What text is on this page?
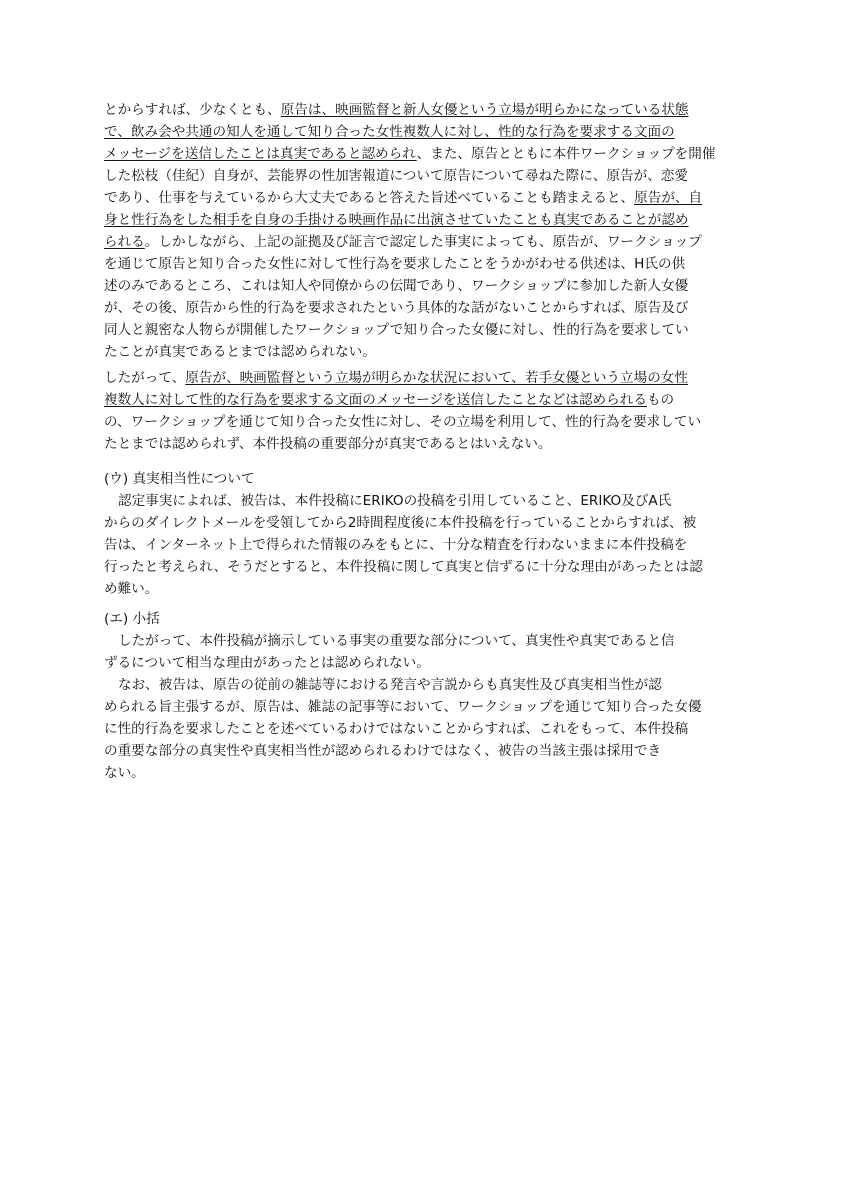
とからすれば、少なくとも、原告は、映画監督と新人女優という立場が明らかになっている状態
で、飲み会や共通の知人を通して知り合った女性複数人に対し、性的な行為を要求する文面の
メッセージを送信したことは真実であると認められ、また、原告とともに本件ワークショップを開催
した松枝（佳紀）自身が、芸能界の性加害報道について原告について尋ねた際に、原告が、恋愛
であり、仕事を与えているから大丈夫であると答えた旨述べていることも踏まえると、原告が、自
身と性行為をした相手を自身の手掛ける映画作品に出演させていたことも真実であることが認め
られる。しかしながら、上記の証拠及び証言で認定した事実によっても、原告が、ワークショップ
を通じて原告と知り合った女性に対して性行為を要求したことをうかがわせる供述は、H氏の供
述のみであるところ、これは知人や同僚からの伝聞であり、ワークショップに参加した新人女優
が、その後、原告から性的行為を要求されたという具体的な話がないことからすれば、原告及び
同人と親密な人物らが開催したワークショップで知り合った女優に対し、性的行為を要求してい
たことが真実であるとまでは認められない。
したがって、原告が、映画監督という立場が明らかな状況において、若手女優という立場の女性
複数人に対して性的な行為を要求する文面のメッセージを送信したことなどは認められるもの
の、ワークショップを通じて知り合った女性に対し、その立場を利用して、性的行為を要求してい
たとまでは認められず、本件投稿の重要部分が真実であるとはいえない。
(ウ) 真実相当性について
認定事実によれば、被告は、本件投稿にERIKOの投稿を引用していること、ERIKO及びA氏
からのダイレクトメールを受領してから2時間程度後に本件投稿を行っていることからすれば、被
告は、インターネット上で得られた情報のみをもとに、十分な精査を行わないままに本件投稿を
行ったと考えられ、そうだとすると、本件投稿に関して真実と信ずるに十分な理由があったとは認
め難い。
(エ) 小括
したがって、本件投稿が摘示している事実の重要な部分について、真実性や真実であると信
ずるについて相当な理由があったとは認められない。
なお、被告は、原告の従前の雑誌等における発言や言説からも真実性及び真実相当性が認
められる旨主張するが、原告は、雑誌の記事等において、ワークショップを通じて知り合った女優
に性的行為を要求したことを述べているわけではないことからすれば、これをもって、本件投稿
の重要な部分の真実性や真実相当性が認められるわけではなく、被告の当該主張は採用でき
ない。
